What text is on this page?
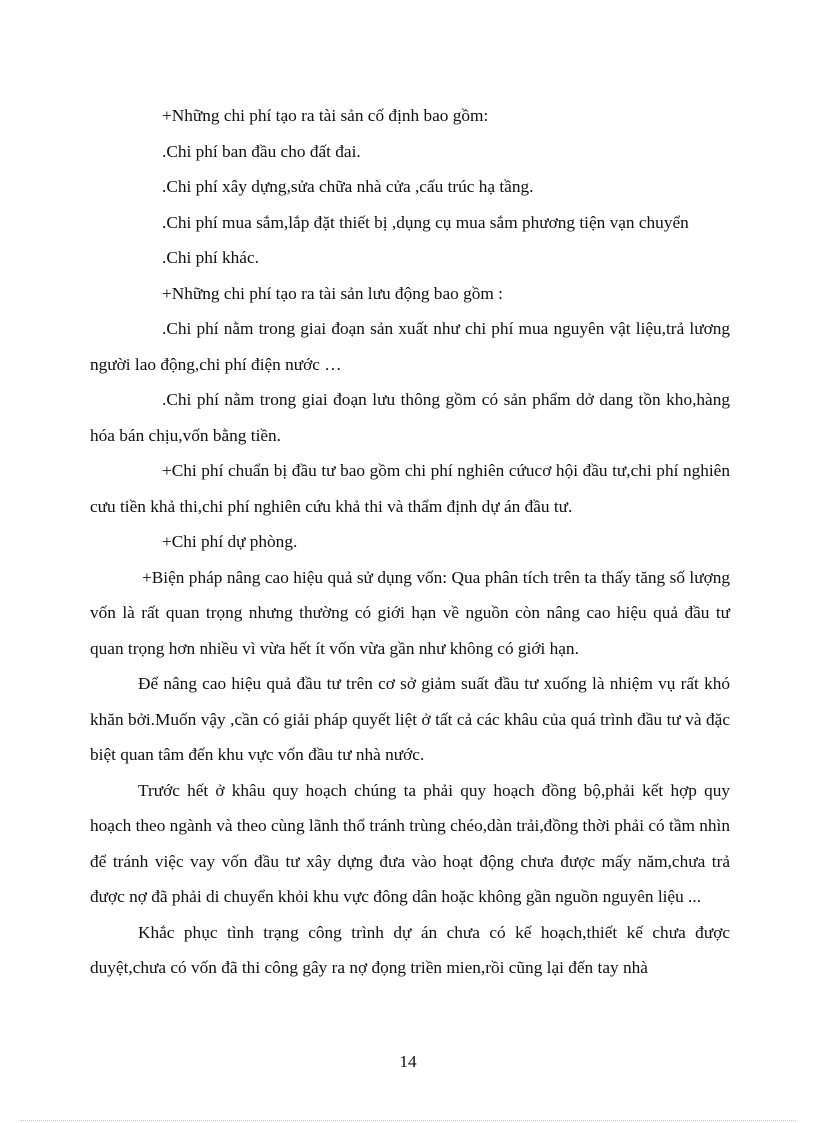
+Những chi phí tạo ra tài sản cố định bao gồm:

.Chi phí ban đầu cho đất đai.

.Chi phí xây dựng,sửa chữa nhà cửa ,cấu trúc hạ tầng.

.Chi phí mua sắm,lắp đặt thiết bị ,dụng cụ mua sắm phương tiện vạn chuyển

.Chi phí khác.

+Những chi phí tạo ra tài sản lưu động bao gồm :

.Chi phí nằm trong giai đoạn sản xuất như chi phí mua nguyên vật liệu,trả lương người lao động,chi phí điện nước …

.Chi phí nằm trong giai đoạn lưu thông gồm có sản phẩm dở dang tồn kho,hàng hóa bán chịu,vốn bằng tiền.

+Chi phí chuẩn bị đầu tư bao gồm chi phí nghiên cứucơ hội đầu tư,chi phí nghiên cưu tiền khả thi,chi phí nghiên cứu khả thi và thẩm định dự án đầu tư.

+Chi phí dự phòng.

+Biện pháp nâng cao hiệu quả sử dụng vốn: Qua phân tích trên ta thấy tăng số lượng vốn là rất quan trọng nhưng thường có giới hạn về nguồn còn nâng cao hiệu quả đầu tư quan trọng hơn nhiều vì vừa hết ít vốn vừa gần như không có giới hạn.

Để nâng cao hiệu quả đầu tư trên cơ sở giảm suất đầu tư xuống là nhiệm vụ rất khó khăn bởi.Muốn vậy ,cần có giải pháp quyết liệt ở tất cả các khâu của quá trình đầu tư và đặc biệt quan tâm đến khu vực vốn đầu tư nhà nước.

Trước hết ở khâu quy hoạch chúng ta phải quy hoạch đồng bộ,phải kết hợp quy hoạch theo ngành và theo cùng lãnh thổ tránh trùng chéo,dàn trải,đồng thời phải có tầm nhìn để tránh việc vay vốn đầu tư xây dựng đưa vào hoạt động chưa được mấy năm,chưa trả được nợ đã phải di chuyển khỏi khu vực đông dân hoặc không gần nguồn nguyên liệu ...

Khắc phục tình trạng công trình dự án chưa có kế hoạch,thiết kế chưa được duyệt,chưa có vốn đã thi công gây ra nợ đọng triền mien,rồi cũng lại đến tay nhà

14
